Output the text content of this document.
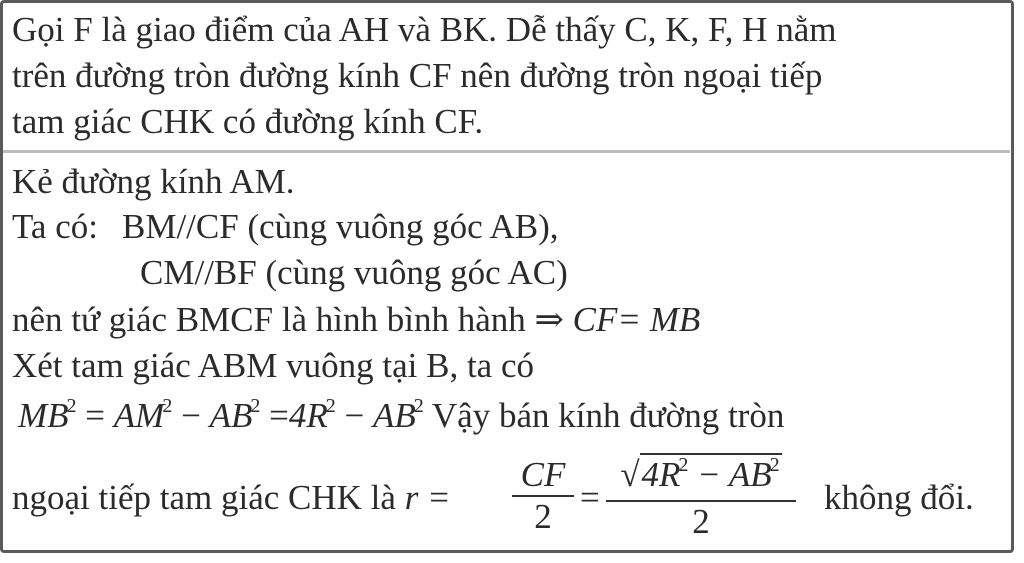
Gọi F là giao điểm của AH và BK. Dễ thấy C, K, F, H nằm
trên đường tròn đường kính CF nên đường tròn ngoại tiếp
tam giác CHK có đường kính CF.
Kẻ đường kính AM.
Ta có: BM//CF (cùng vuông góc AB),
CM//BF (cùng vuông góc AC)
nên tứ giác BMCF là hình bình hành ⇒ CF= MB
Xét tam giác ABM vuông tại B, ta có
$MB^2 = AM^2 - AB^2 =4R^2 - AB^2$ Vậy bán kính đường tròn
ngoại tiếp tam giác CHK là r =
CF
2 =
$√4R^2 - AB^2$
2
không đổi.
